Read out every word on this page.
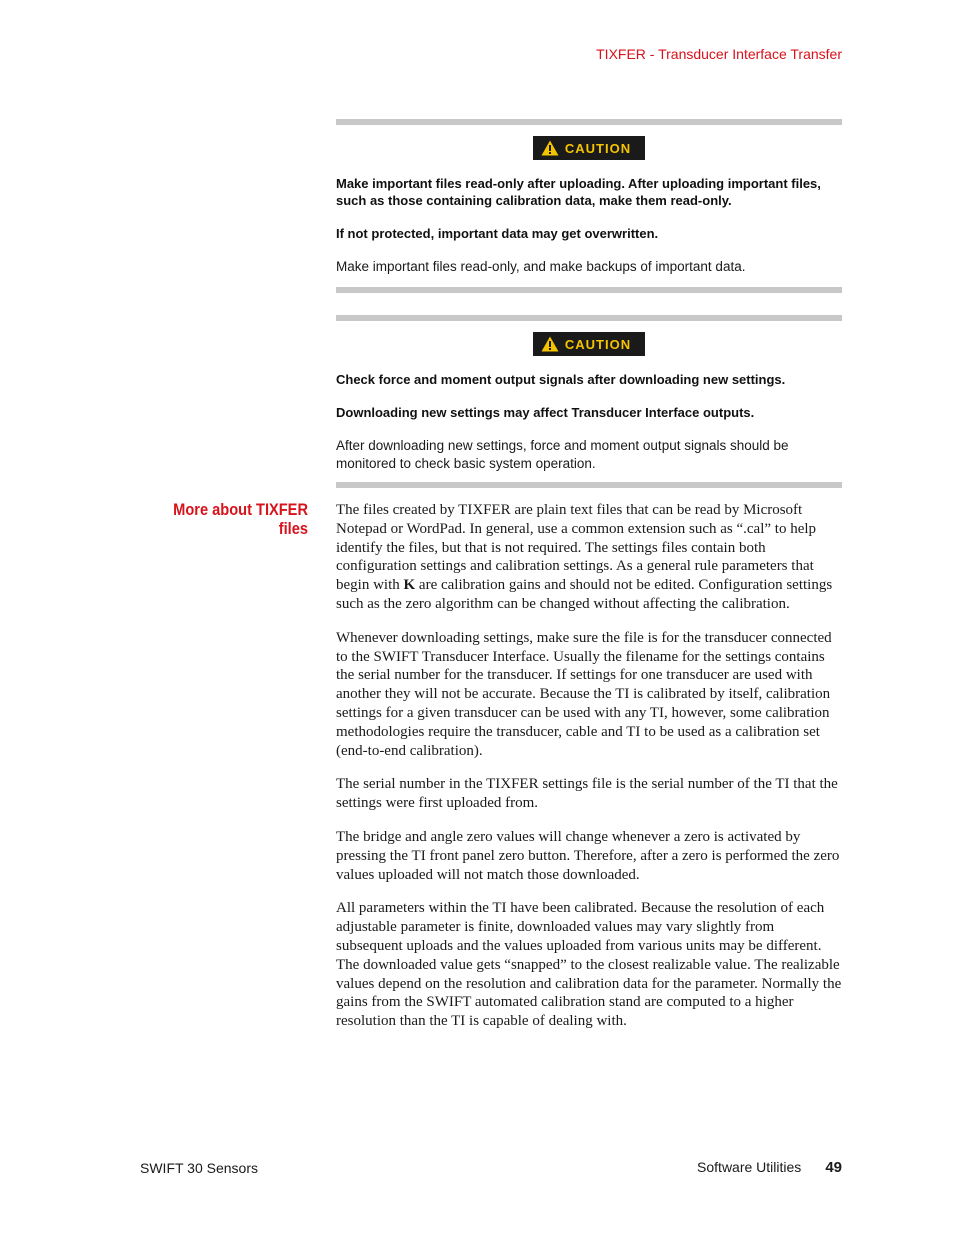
TIXFER - Transducer Interface Transfer
CAUTION

Make important files read-only after uploading. After uploading important files, such as those containing calibration data, make them read-only.

If not protected, important data may get overwritten.

Make important files read-only, and make backups of important data.

CAUTION

Check force and moment output signals after downloading new settings.

Downloading new settings may affect Transducer Interface outputs.

After downloading new settings, force and moment output signals should be monitored to check basic system operation.

More about TIXFER
files

The files created by TIXFER are plain text files that can be read by Microsoft Notepad or WordPad. In general, use a common extension such as “.cal” to help identify the files, but that is not required. The settings files contain both configuration settings and calibration settings. As a general rule parameters that begin with K are calibration gains and should not be edited. Configuration settings such as the zero algorithm can be changed without affecting the calibration.

Whenever downloading settings, make sure the file is for the transducer connected to the SWIFT Transducer Interface. Usually the filename for the settings contains the serial number for the transducer. If settings for one transducer are used with another they will not be accurate. Because the TI is calibrated by itself, calibration settings for a given transducer can be used with any TI, however, some calibration methodologies require the transducer, cable and TI to be used as a calibration set (end-to-end calibration).

The serial number in the TIXFER settings file is the serial number of the TI that the settings were first uploaded from.

The bridge and angle zero values will change whenever a zero is activated by pressing the TI front panel zero button. Therefore, after a zero is performed the zero values uploaded will not match those downloaded.

All parameters within the TI have been calibrated. Because the resolution of each adjustable parameter is finite, downloaded values may vary slightly from subsequent uploads and the values uploaded from various units may be different. The downloaded value gets “snapped” to the closest realizable value. The realizable values depend on the resolution and calibration data for the parameter. Normally the gains from the SWIFT automated calibration stand are computed to a higher resolution than the TI is capable of dealing with.

SWIFT 30 Sensors	Software Utilities 49
